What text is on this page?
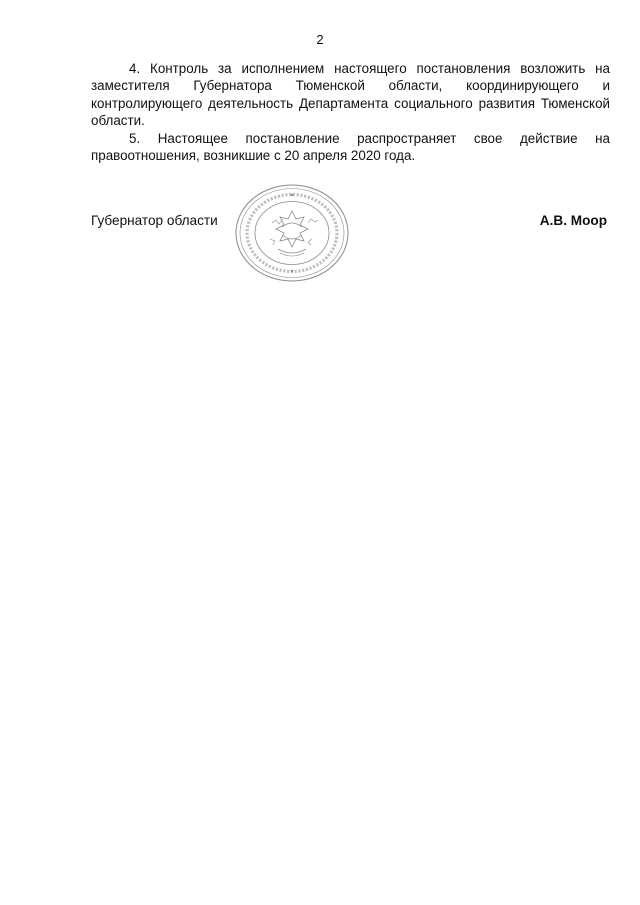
2

4. Контроль за исполнением настоящего постановления возложить на заместителя Губернатора Тюменской области, координирующего и контролирующего деятельность Департамента социального развития Тюменской области.

5. Настоящее постановление распространяет свое действие на правоотношения, возникшие с 20 апреля 2020 года.

Губернатор области	А.В. Моор
